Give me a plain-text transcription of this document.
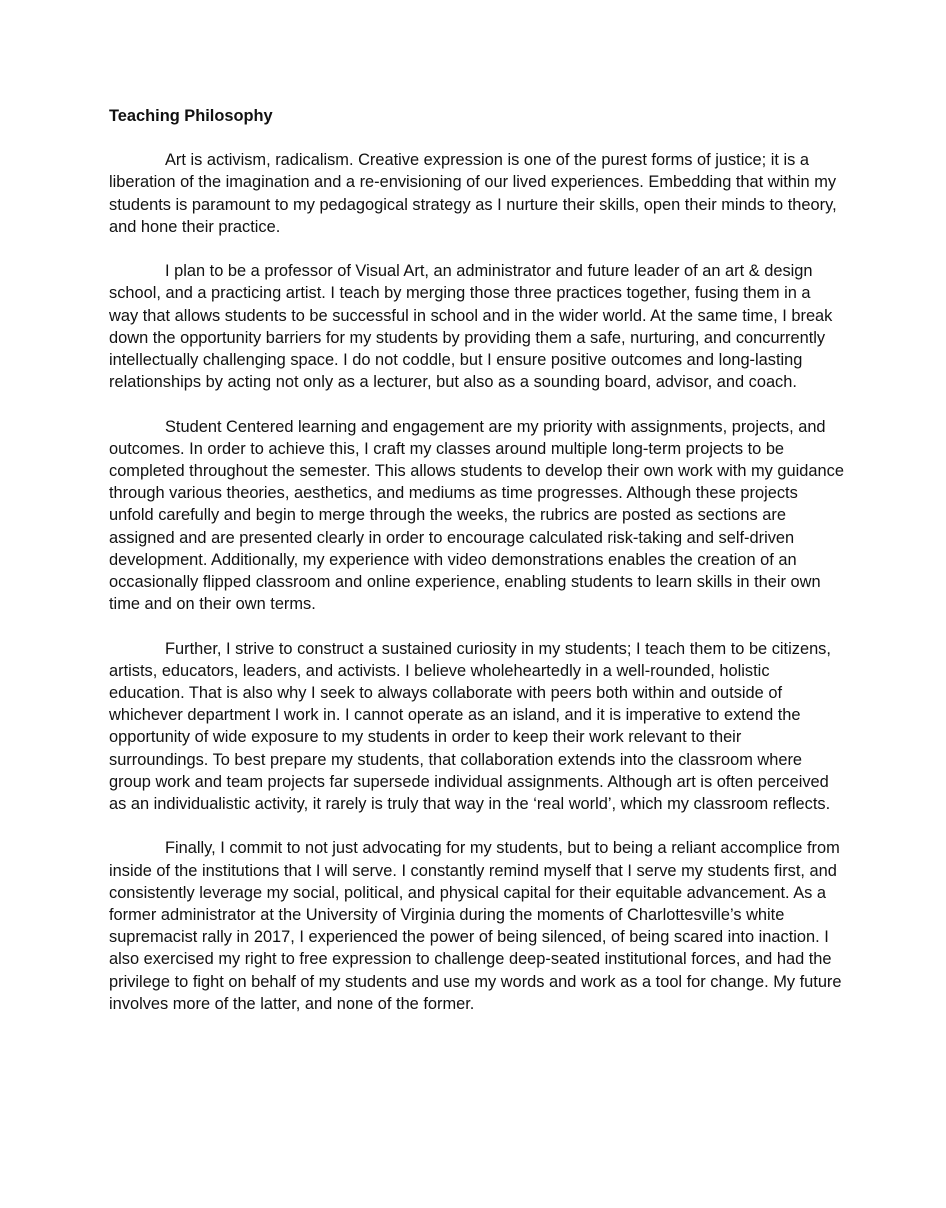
Teaching Philosophy

Art is activism, radicalism. Creative expression is one of the purest forms of justice; it is a liberation of the imagination and a re-envisioning of our lived experiences. Embedding that within my students is paramount to my pedagogical strategy as I nurture their skills, open their minds to theory, and hone their practice.

I plan to be a professor of Visual Art, an administrator and future leader of an art & design school, and a practicing artist. I teach by merging those three practices together, fusing them in a way that allows students to be successful in school and in the wider world. At the same time, I break down the opportunity barriers for my students by providing them a safe, nurturing, and concurrently intellectually challenging space. I do not coddle, but I ensure positive outcomes and long-lasting relationships by acting not only as a lecturer, but also as a sounding board, advisor, and coach.

Student Centered learning and engagement are my priority with assignments, projects, and outcomes. In order to achieve this, I craft my classes around multiple long-term projects to be completed throughout the semester. This allows students to develop their own work with my guidance through various theories, aesthetics, and mediums as time progresses. Although these projects unfold carefully and begin to merge through the weeks, the rubrics are posted as sections are assigned and are presented clearly in order to encourage calculated risk-taking and self-driven development. Additionally, my experience with video demonstrations enables the creation of an occasionally flipped classroom and online experience, enabling students to learn skills in their own time and on their own terms.

Further, I strive to construct a sustained curiosity in my students; I teach them to be citizens, artists, educators, leaders, and activists. I believe wholeheartedly in a well-rounded, holistic education. That is also why I seek to always collaborate with peers both within and outside of whichever department I work in. I cannot operate as an island, and it is imperative to extend the opportunity of wide exposure to my students in order to keep their work relevant to their surroundings. To best prepare my students, that collaboration extends into the classroom where group work and team projects far supersede individual assignments. Although art is often perceived as an individualistic activity, it rarely is truly that way in the ‘real world’, which my classroom reflects.

Finally, I commit to not just advocating for my students, but to being a reliant accomplice from inside of the institutions that I will serve. I constantly remind myself that I serve my students first, and consistently leverage my social, political, and physical capital for their equitable advancement. As a former administrator at the University of Virginia during the moments of Charlottesville’s white supremacist rally in 2017, I experienced the power of being silenced, of being scared into inaction. I also exercised my right to free expression to challenge deep-seated institutional forces, and had the privilege to fight on behalf of my students and use my words and work as a tool for change. My future involves more of the latter, and none of the former.
